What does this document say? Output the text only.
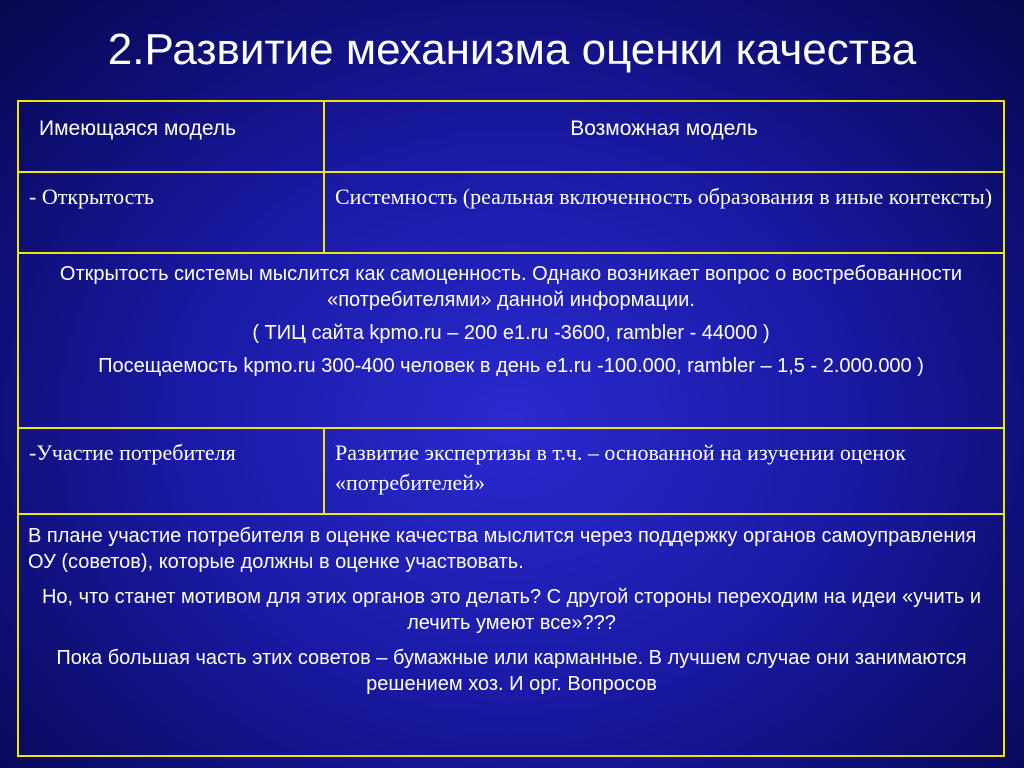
2.Развитие механизма оценки качества
Имеющаяся модель	Возможная модель

- Открытость	Системность (реальная включенность образования в иные контексты)

Открытость системы мыслится как самоценность. Однако возникает вопрос о востребованности «потребителями» данной информации.

( ТИЦ сайта kpmo.ru – 200 e1.ru -3600, rambler - 44000 )

Посещаемость kpmo.ru 300-400 человек в день e1.ru -100.000, rambler – 1,5 - 2.000.000 )	

-Участие потребителя	Развитие экспертизы в т.ч. – основанной на изучении оценок «потребителей»

В плане участие потребителя в оценке качества мыслится через поддержку органов самоуправления ОУ (советов), которые должны в оценке участвовать.

Но, что станет мотивом для этих органов это делать? С другой стороны переходим на идеи «учить и лечить умеют все»???

Пока большая часть этих советов – бумажные или карманные. В лучшем случае они занимаются решением хоз. И орг. Вопросов	
